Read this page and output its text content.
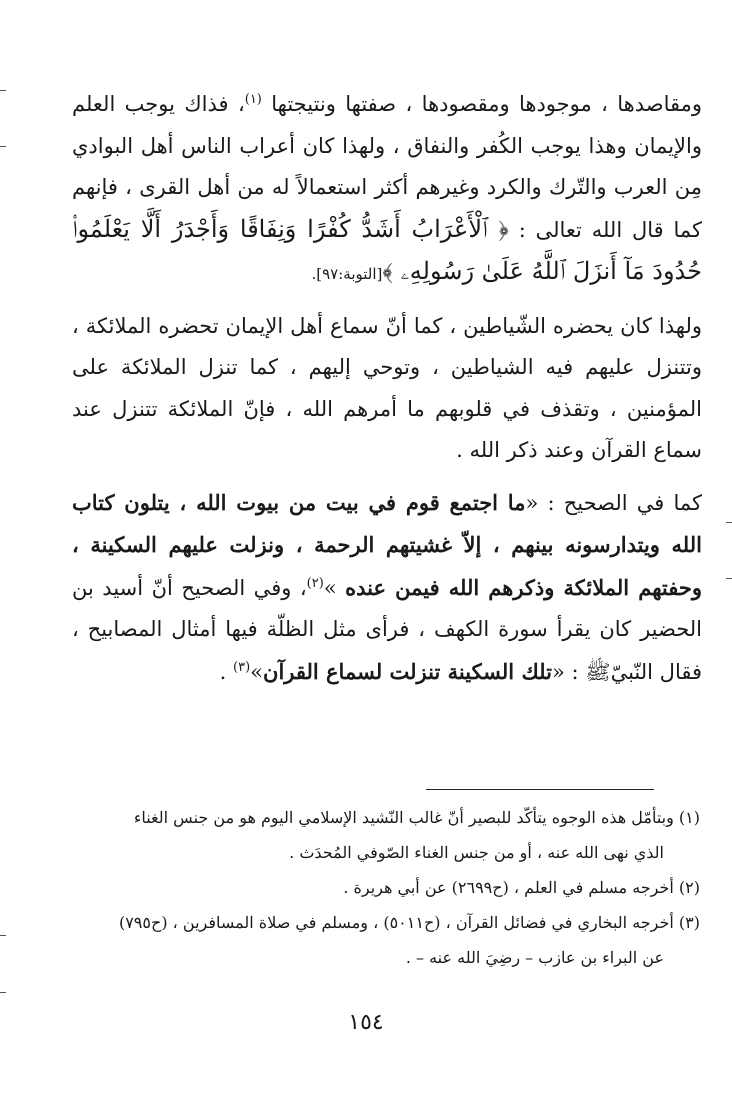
ومقاصدها ، موجودها ومقصودها ، صفتها ونتيجتها $^{(١)}$، فذاك يوجب العلم والإيمان وهذا يوجب الكُفر والنفاق ، ولهذا كان أعراب الناس أهل البوادي مِن العرب والتّرك والكرد وغيرهم أكثر استعمالاً له من أهل القرى ، فإنهم كما قال الله تعالى : ﴿ ٱلْأَعْرَابُ أَشَدُّ كُفْرًا وَنِفَاقًا وَأَجْدَرُ أَلَّا يَعْلَمُوا۟ حُدُودَ مَآ أَنزَلَ ٱللَّهُ عَلَىٰ رَسُولِهِۦ ﴾[التوبة:٩٧].

ولهذا كان يحضره الشّياطين ، كما أنّ سماع أهل الإيمان تحضره الملائكة ، وتتنزل عليهم فيه الشياطين ، وتوحي إليهم ، كما تنزل الملائكة على المؤمنين ، وتقذف في قلوبهم ما أمرهم الله ، فإنّ الملائكة تتنزل عند سماع القرآن وعند ذكر الله .

كما في الصحيح : «ما اجتمع قوم في بيت من بيوت الله ، يتلون كتاب الله ويتدارسونه بينهم ، إلاّ غشيتهم الرحمة ، ونزلت عليهم السكينة ، وحفتهم الملائكة وذكرهم الله فيمن عنده »$^{(٢)}$، وفي الصحيح أنّ أسيد بن الحضير كان يقرأ سورة الكهف ، فرأى مثل الظلّة فيها أمثال المصابيح ، فقال النّبيّﷺ : «تلك السكينة تنزلت لسماع القرآن»$^{(٣)}$ .

(١) وبتأمّل هذه الوجوه يتأكّد للبصير أنّ غالب النّشيد الإسلامي اليوم هو من جنس الغناء

الذي نهى الله عنه ، أو من جنس الغناء الصّوفي المُحدَث .

(٢) أخرجه مسلم في العلم ، (ح٢٦٩٩) عن أبي هريرة .

(٣) أخرجه البخاري في فضائل القرآن ، (ح٥٠١١) ، ومسلم في صلاة المسافرين ، (ح٧٩٥)

عن البراء بن عازب – رضِيَ الله عنه – .

١٥٤
